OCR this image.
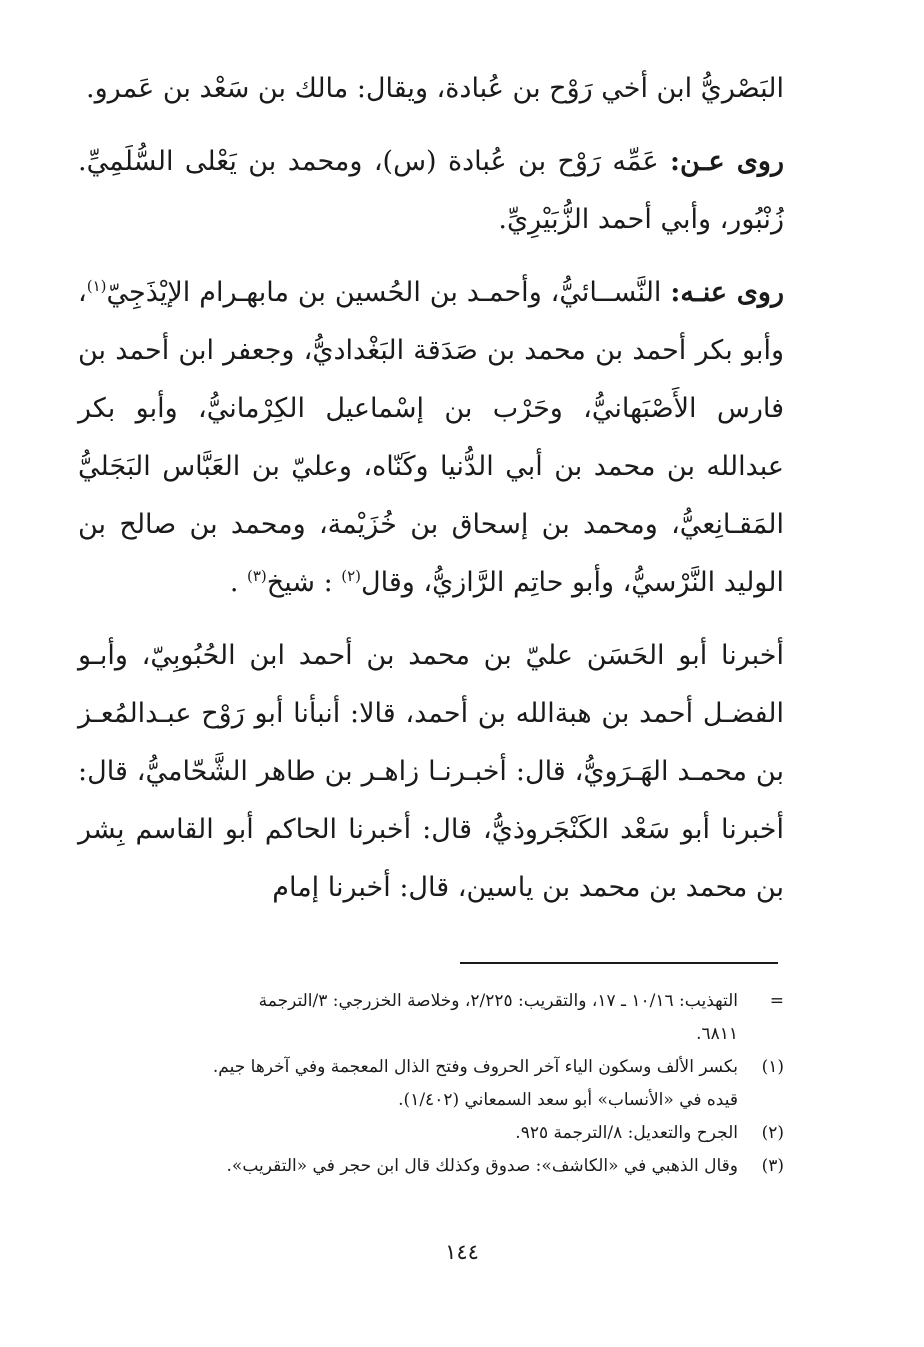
البَصْريُّ ابن أخي رَوْح بن عُبادة، ويقال: مالك بن سَعْد بن عَمرو.

روى عـن: عَمِّه رَوْح بن عُبادة (س)، ومحمد بن يَعْلى السُّلَمِيِّ. زُنْبُور، وأبي أحمد الزُّبَيْرِيِّ.

روى عنـه: النَّســائيُّ، وأحمـد بن الحُسين بن مابهـرام الإيْذَجِيّ$^{(١)}$، وأبو بكر أحمد بن محمد بن صَدَقة البَغْداديُّ، وجعفر ابن أحمد بن فارس الأَصْبَهانيُّ، وحَرْب بن إسْماعيل الكِرْمانيُّ، وأبو بكر عبدالله بن محمد بن أبي الدُّنيا وكَنّاه، وعليّ بن العَبَّاس البَجَليُّ المَقـانِعيُّ، ومحمد بن إسحاق بن خُزَيْمة، ومحمد بن صالح بن الوليد النَّرْسيُّ، وأبو حاتِم الرَّازيُّ، وقال$^{(٢)}$ : شيخ$^{(٣)}$ .

أخبرنا أبو الحَسَن عليّ بن محمد بن أحمد ابن الحُبُوبِيّ، وأبـو الفضـل أحمد بن هبةالله بن أحمد، قالا: أنبأنا أبو رَوْح عبـدالمُعـز بن محمـد الهَـرَويُّ، قال: أخبـرنـا زاهـر بن طاهر الشَّحّاميُّ، قال: أخبرنا أبو سَعْد الكَنْجَروذيُّ، قال: أخبرنا الحاكم أبو القاسم بِشر بن محمد بن محمد بن ياسين، قال: أخبرنا إمام

=
التهذيب: ١٠/١٦ ـ ١٧، والتقريب: ٢/٢٢٥، وخلاصة الخزرجي: ٣/الترجمة
٦٨١١.
(١)
بكسر الألف وسكون الياء آخر الحروف وفتح الذال المعجمة وفي آخرها جيم.
قيده في «الأنساب» أبو سعد السمعاني (١/٤٠٢).
(٢)
الجرح والتعديل: ٨/الترجمة ٩٢٥.
(٣)
وقال الذهبي في «الكاشف»: صدوق وكذلك قال ابن حجر في «التقريب».
١٤٤
